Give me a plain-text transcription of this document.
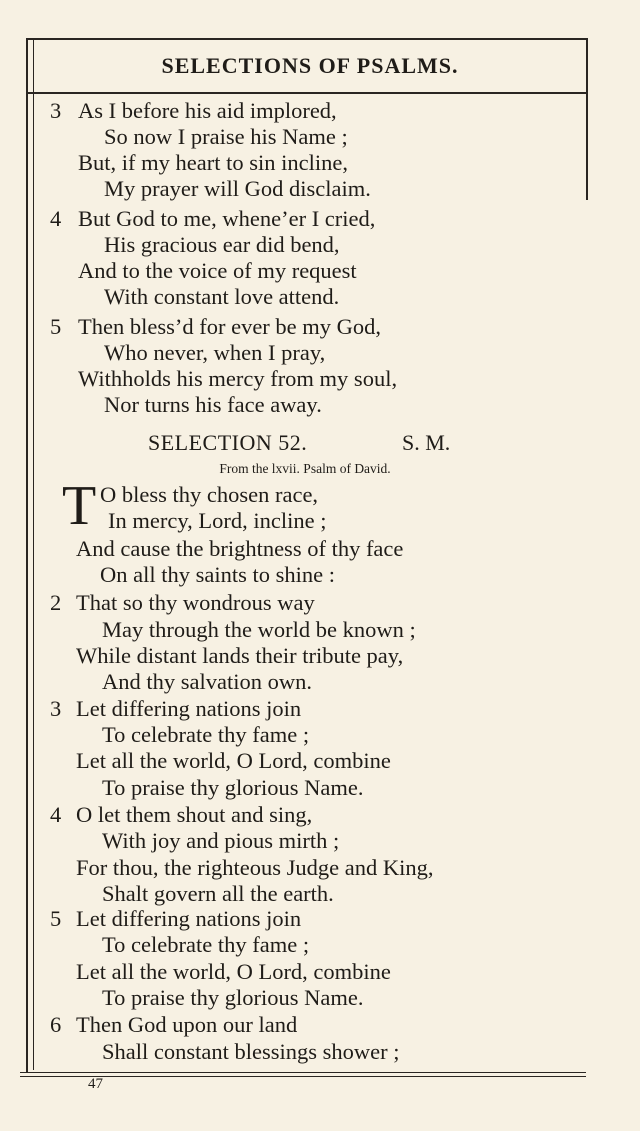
SELECTIONS OF PSALMS.
3 As I before his aid implored,
So now I praise his Name ;
But, if my heart to sin incline,
My prayer will God disclaim.
4 But God to me, whene’er I cried,
His gracious ear did bend,
And to the voice of my request
With constant love attend.
5 Then bless’d for ever be my God,
Who never, when I pray,
Withholds his mercy from my soul,
Nor turns his face away.
SELECTION 52.	S. M.
From the lxvii. Psalm of David.
T O bless thy chosen race,
In mercy, Lord, incline ;
And cause the brightness of thy face
On all thy saints to shine :
2 That so thy wondrous way
May through the world be known ;
While distant lands their tribute pay,
And thy salvation own.
3 Let differing nations join
To celebrate thy fame ;
Let all the world, O Lord, combine
To praise thy glorious Name.
4 O let them shout and sing,
With joy and pious mirth ;
For thou, the righteous Judge and King,
Shalt govern all the earth.
5 Let differing nations join
To celebrate thy fame ;
Let all the world, O Lord, combine
To praise thy glorious Name.
6 Then God upon our land
Shall constant blessings shower ;
47
